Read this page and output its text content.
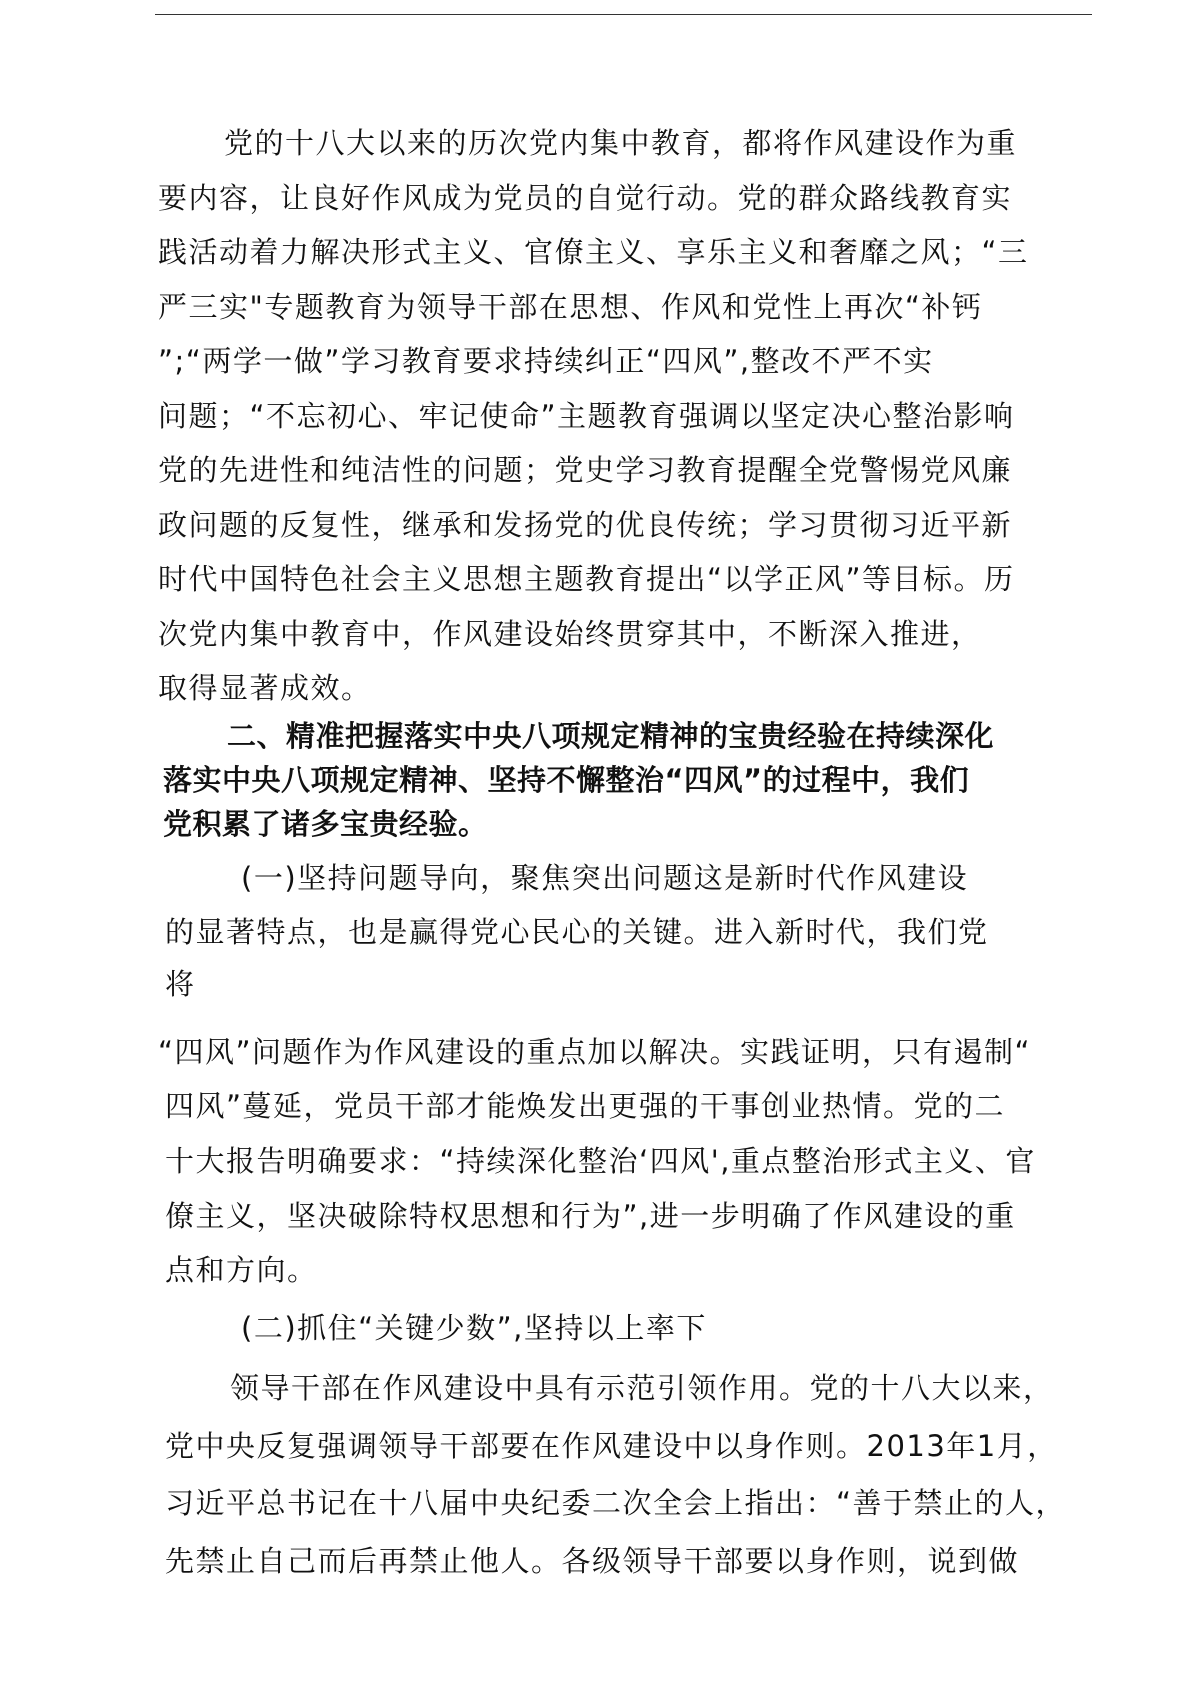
党的十八大以来的历次党内集中教育，都将作风建设作为重

要内容，让良好作风成为党员的自觉行动。党的群众路线教育实

践活动着力解决形式主义、官僚主义、享乐主义和奢靡之风；“三

严三实"专题教育为领导干部在思想、作风和党性上再次“补钙

”;“两学一做”学习教育要求持续纠正“四风”,整改不严不实

问题；“不忘初心、牢记使命”主题教育强调以坚定决心整治影响

党的先进性和纯洁性的问题；党史学习教育提醒全党警惕党风廉

政问题的反复性，继承和发扬党的优良传统；学习贯彻习近平新

时代中国特色社会主义思想主题教育提出“以学正风”等目标。历

次党内集中教育中，作风建设始终贯穿其中，不断深入推进，

取得显著成效。

二、精准把握落实中央八项规定精神的宝贵经验在持续深化

落实中央八项规定精神、坚持不懈整治“四风”的过程中，我们

党积累了诸多宝贵经验。

(一)坚持问题导向，聚焦突出问题这是新时代作风建设

的显著特点，也是赢得党心民心的关键。进入新时代，我们党

将

“四风”问题作为作风建设的重点加以解决。实践证明，只有遏制“

四风”蔓延，党员干部才能焕发出更强的干事创业热情。党的二

十大报告明确要求：“持续深化整治‘四风',重点整治形式主义、官

僚主义，坚决破除特权思想和行为”,进一步明确了作风建设的重

点和方向。

(二)抓住“关键少数”,坚持以上率下

领导干部在作风建设中具有示范引领作用。党的十八大以来，

党中央反复强调领导干部要在作风建设中以身作则。2013年1月，

习近平总书记在十八届中央纪委二次全会上指出：“善于禁止的人，

先禁止自己而后再禁止他人。各级领导干部要以身作则，说到做
